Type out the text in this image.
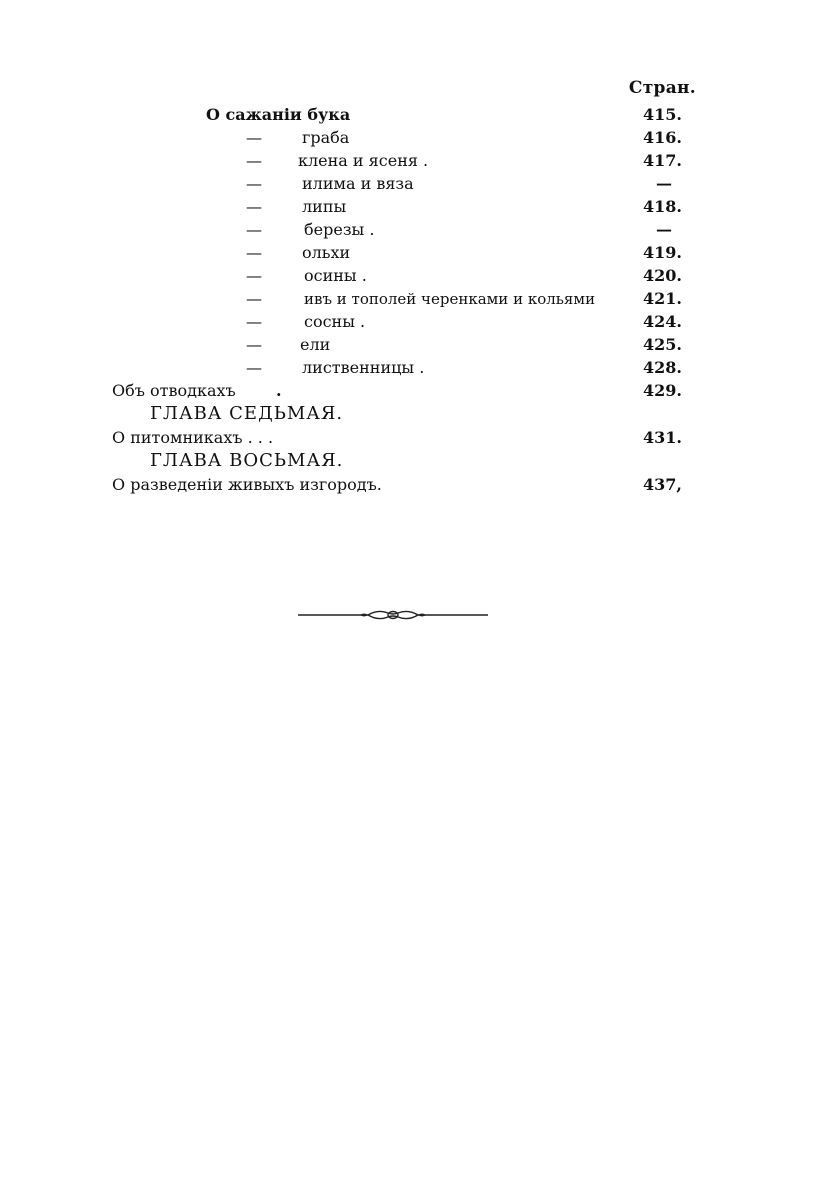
Стран.
О сажанiи бука	415.
—	граба	416.
— клена и ясеня .	417.
—	илима и вяза	—
—	липы	418.
—	березы .	—
—	ольхи	419.
—	осины .	420.
—	ивъ и тополей черенками и кольями	421.
—	сосны .	424.
— ели	425.
—	лиственницы .	428.
Объ отводкахъ	.	429.
ГЛАВА СЕДЬМАЯ.
О питомникахъ . . .	431.
ГЛАВА ВОСЬМАЯ.
О разведенiи живыхъ изгородъ.	437,
